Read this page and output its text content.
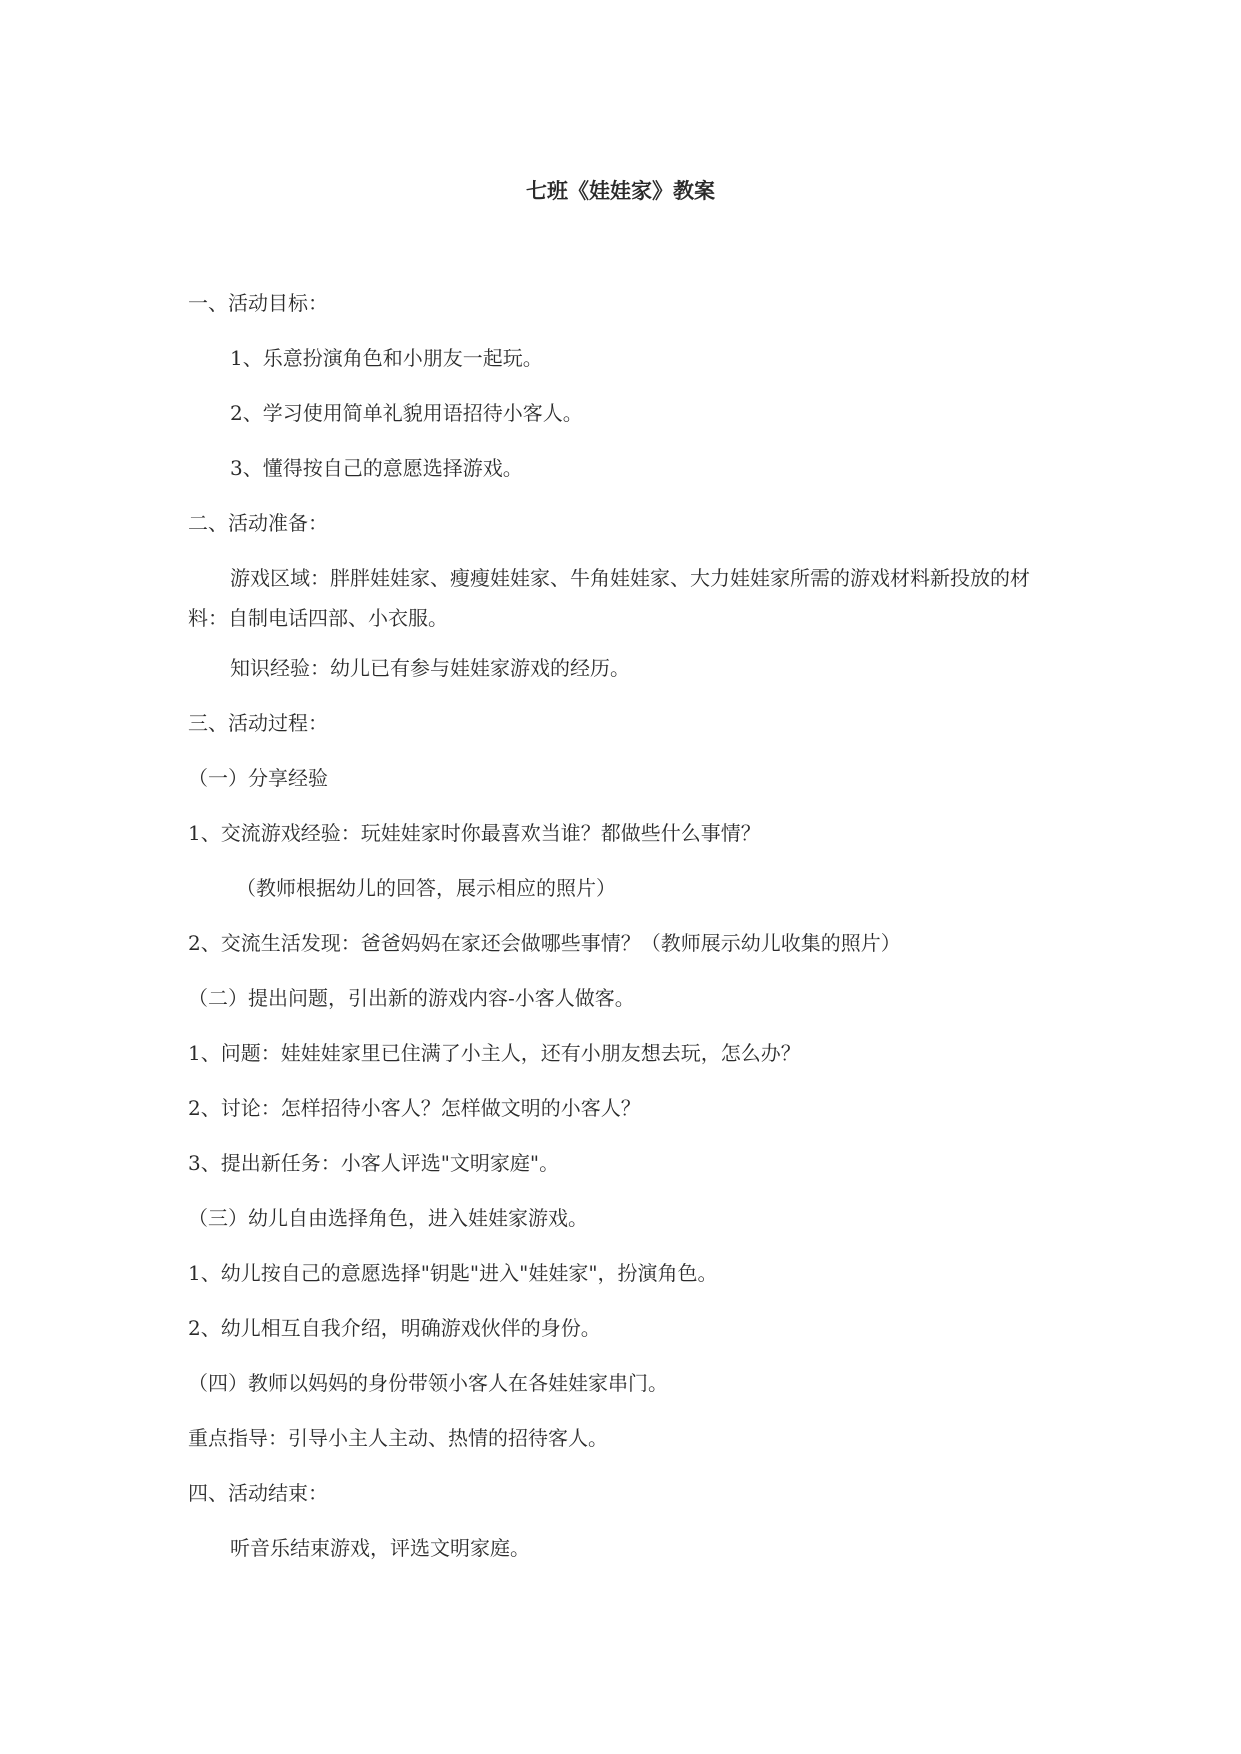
七班《娃娃家》教案
一、活动目标：
1、乐意扮演角色和小朋友一起玩。
2、学习使用简单礼貌用语招待小客人。
3、懂得按自己的意愿选择游戏。
二、活动准备：
游戏区域：胖胖娃娃家、瘦瘦娃娃家、牛角娃娃家、大力娃娃家所需的游戏材料新投放的材料：自制电话四部、小衣服。
知识经验：幼儿已有参与娃娃家游戏的经历。
三、活动过程：
（一）分享经验
1、交流游戏经验：玩娃娃家时你最喜欢当谁？都做些什么事情？
（教师根据幼儿的回答，展示相应的照片）
2、交流生活发现：爸爸妈妈在家还会做哪些事情？（教师展示幼儿收集的照片）
（二）提出问题，引出新的游戏内容-小客人做客。
1、问题：娃娃娃家里已住满了小主人，还有小朋友想去玩，怎么办？
2、讨论：怎样招待小客人？怎样做文明的小客人？
3、提出新任务：小客人评选"文明家庭"。
（三）幼儿自由选择角色，进入娃娃家游戏。
1、幼儿按自己的意愿选择"钥匙"进入"娃娃家"，扮演角色。
2、幼儿相互自我介绍，明确游戏伙伴的身份。
（四）教师以妈妈的身份带领小客人在各娃娃家串门。
重点指导：引导小主人主动、热情的招待客人。
四、活动结束：
听音乐结束游戏，评选文明家庭。
